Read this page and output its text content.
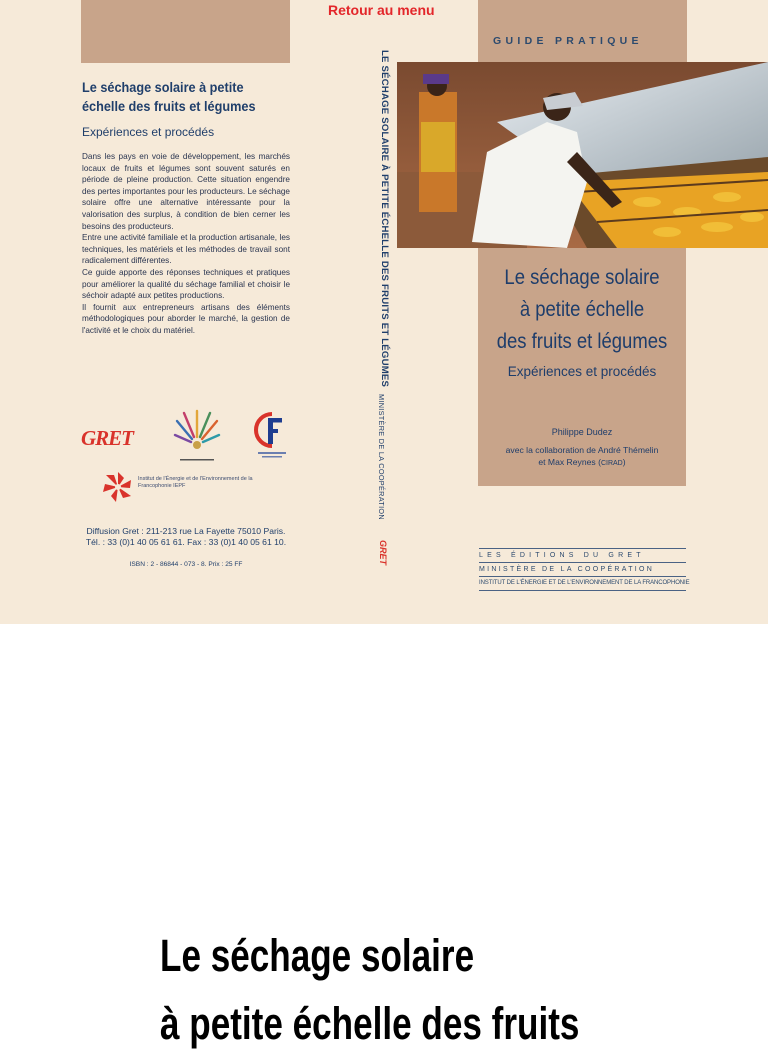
Retour au menu
GUIDE PRATIQUE
Le séchage solaire à petite échelle des fruits et légumes
Expériences et procédés

Dans les pays en voie de développement, les marchés locaux de fruits et légumes sont souvent saturés en période de pleine production. Cette situation engendre des pertes importantes pour les producteurs. Le séchage solaire offre une alternative intéressante pour la valorisation des surplus, à condition de bien cerner les besoins des producteurs.

Entre une activité familiale et la production artisanale, les techniques, les matériels et les méthodes de travail sont radicalement différentes.

Ce guide apporte des réponses techniques et pratiques pour améliorer la qualité du séchage familial et choisir le séchoir adapté aux petites productions.

Il fournit aux entrepreneurs artisans des éléments méthodologiques pour aborder le marché, la gestion de l'activité et le choix du matériel.

GRET
Institut de l'Énergie et de l'Environnement de la Francophonie IEPF
Diffusion Gret : 211-213 rue La Fayette 75010 Paris.
Tél. : 33 (0)1 40 05 61 61. Fax : 33 (0)1 40 05 61 10.
ISBN : 2 - 86844 - 073 - 8. Prix : 25 FF
LE SÉCHAGE SOLAIRE À PETITE ÉCHELLE DES FRUITS ET LÉGUMES
MINISTÈRE DE LA COOPÉRATION
GRET
Le séchage solaire
à petite échelle
des fruits et légumes
Expériences et procédés
Philippe Dudez
avec la collaboration de André Thémelin
et Max Reynes (CIRAD)
LES ÉDITIONS DU GRET
MINISTÈRE DE LA COOPÉRATION
INSTITUT DE L'ÉNERGIE ET DE L'ENVIRONNEMENT DE LA FRANCOPHONIE
Le séchage solaire
à petite échelle des fruits
